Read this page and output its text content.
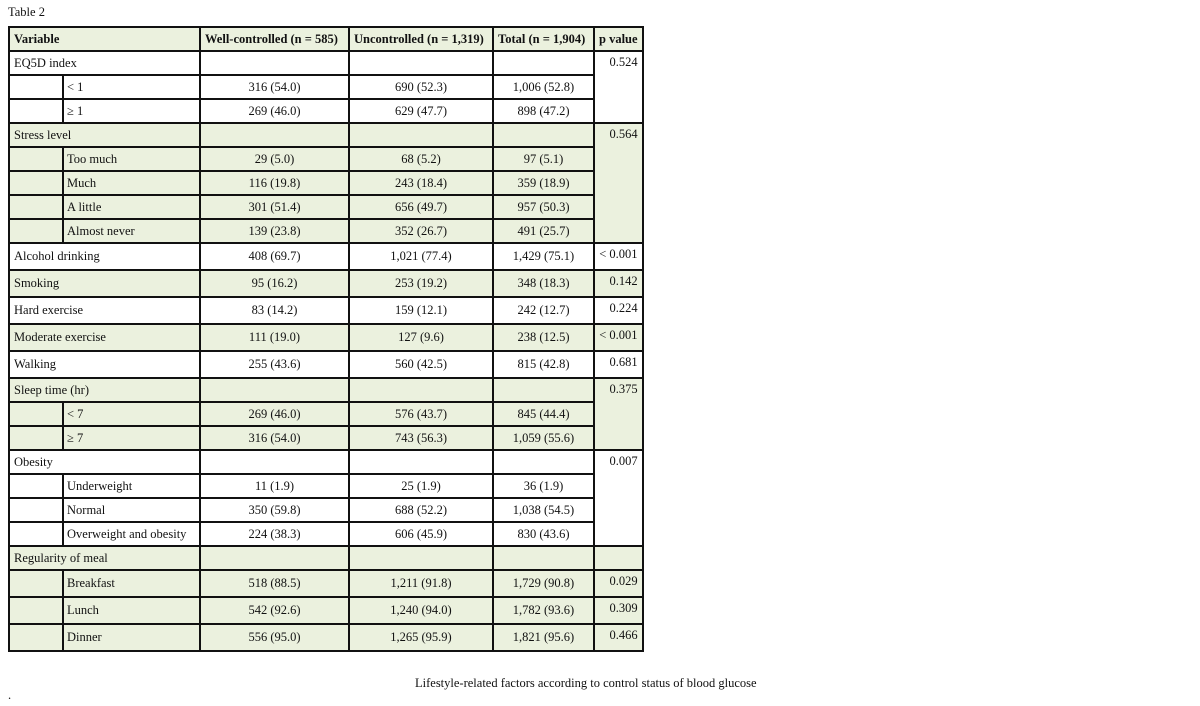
Table 2
Variable		Well-controlled (n = 585)	Uncontrolled (n = 1,319)	Total (n = 1,904)	p value
EQ5D index					0.524
	< 1	316 (54.0)	690 (52.3)	1,006 (52.8)	
	≥ 1	269 (46.0)	629 (47.7)	898 (47.2)	
Stress level					0.564
	Too much	29 (5.0)	68 (5.2)	97 (5.1)	
	Much	116 (19.8)	243 (18.4)	359 (18.9)	
	A little	301 (51.4)	656 (49.7)	957 (50.3)	
	Almost never	139 (23.8)	352 (26.7)	491 (25.7)	
Alcohol drinking		408 (69.7)	1,021 (77.4)	1,429 (75.1)	< 0.001
Smoking		95 (16.2)	253 (19.2)	348 (18.3)	0.142
Hard exercise		83 (14.2)	159 (12.1)	242 (12.7)	0.224
Moderate exercise		111 (19.0)	127 (9.6)	238 (12.5)	< 0.001
Walking		255 (43.6)	560 (42.5)	815 (42.8)	0.681
Sleep time (hr)					0.375
	< 7	269 (46.0)	576 (43.7)	845 (44.4)	
	≥ 7	316 (54.0)	743 (56.3)	1,059 (55.6)	
Obesity					0.007
	Underweight	11 (1.9)	25 (1.9)	36 (1.9)	
	Normal	350 (59.8)	688 (52.2)	1,038 (54.5)	
	Overweight and obesity	224 (38.3)	606 (45.9)	830 (43.6)	
Regularity of meal					
	Breakfast	518 (88.5)	1,211 (91.8)	1,729 (90.8)	0.029
	Lunch	542 (92.6)	1,240 (94.0)	1,782 (93.6)	0.309
	Dinner	556 (95.0)	1,265 (95.9)	1,821 (95.6)	0.466
Lifestyle-related factors according to control status of blood glucose
.
